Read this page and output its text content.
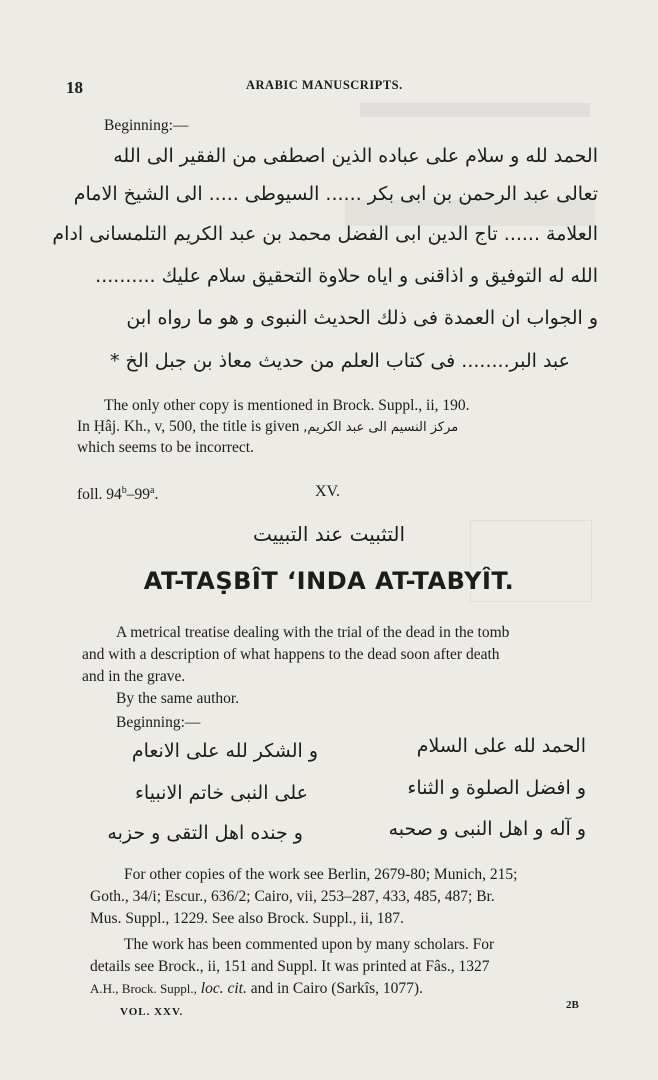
18	ARABIC MANUSCRIPTS.
Beginning:—
الحمد لله و سلام على عباده الذين اصطفى من الفقير الى الله
تعالى عبد الرحمن بن ابى بكر ...... السيوطى ..... الى الشيخ الامام
العلامة ...... تاج الدين ابى الفضل محمد بن عبد الكريم التلمسانى ادام
الله له التوفيق و اذاقنى و اياه حلاوة التحقيق سلام عليك ..........
و الجواب ان العمدة فى ذلك الحديث النبوى و هو ما رواه ابن
عبد البر........ فى كتاب العلم من حديث معاذ بن جبل الخ *
The only other copy is mentioned in Brock. Suppl., ii, 190.
In Ḥâj. Kh., v, 500, the title is given مركز النسيم الى عبد الكريم,
which seems to be incorrect.
foll. 94$^b$–99$^a$.	XV.
التثبيت عند التبييت
AT-TAṢBÎT ‘INDA AT-TABYÎT.
A metrical treatise dealing with the trial of the dead in the tomb
and with a description of what happens to the dead soon after death
and in the grave.
By the same author.
Beginning:—
الحمد لله على السلام
و الشكر لله على الانعام
و افضل الصلوة و الثناء
على النبى خاتم الانبياء
و آله و اهل النبى و صحبه
و جنده اهل التقى و حزبه
For other copies of the work see Berlin, 2679-80; Munich, 215;
Goth., 34/i; Escur., 636/2; Cairo, vii, 253–287, 433, 485, 487; Br.
Mus. Suppl., 1229. See also Brock. Suppl., ii, 187.
The work has been commented upon by many scholars. For
details see Brock., ii, 151 and Suppl. It was printed at Fâs., 1327
A.H., Brock. Suppl., loc. cit. and in Cairo (Sarkîs, 1077).
VOL. XXV.
2B
